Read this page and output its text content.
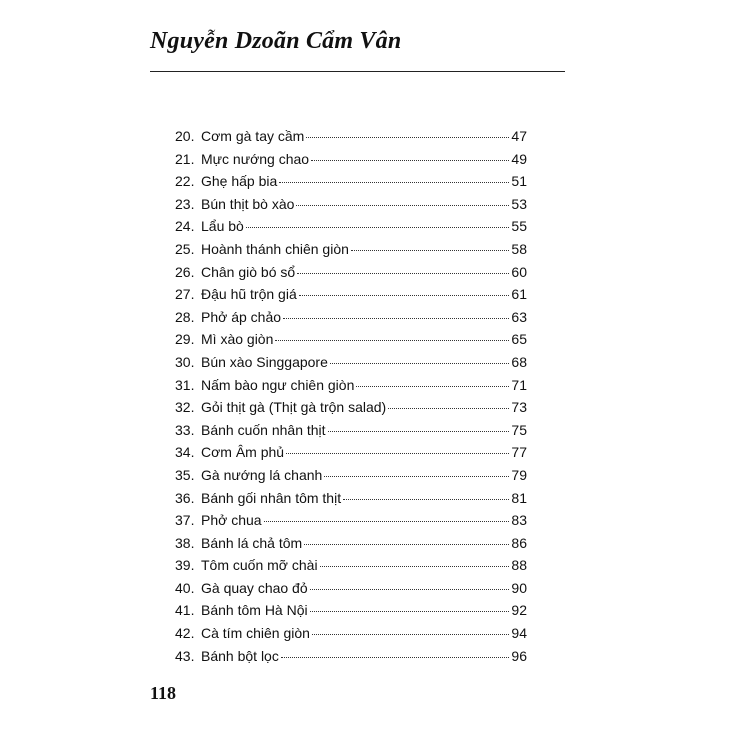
Nguyễn Dzoãn Cẩm Vân
20. Cơm gà tay cầm	47
21. Mực nướng chao	49
22. Ghẹ hấp bia	51
23. Bún thịt bò xào	53
24. Lẩu bò	55
25. Hoành thánh chiên giòn	58
26. Chân giò bó sổ	60
27. Đậu hũ trộn giá	61
28. Phở áp chảo	63
29. Mì xào giòn	65
30. Bún xào Singgapore	68
31. Nấm bào ngư chiên giòn	71
32. Gỏi thịt gà (Thịt gà trộn salad)	73
33. Bánh cuốn nhân thịt	75
34. Cơm Âm phủ	77
35. Gà nướng lá chanh	79
36. Bánh gối nhân tôm thịt	81
37. Phở chua	83
38. Bánh lá chả tôm	86
39. Tôm cuốn mỡ chài	88
40. Gà quay chao đỏ	90
41. Bánh tôm Hà Nội	92
42. Cà tím chiên giòn	94
43. Bánh bột lọc	96
118
